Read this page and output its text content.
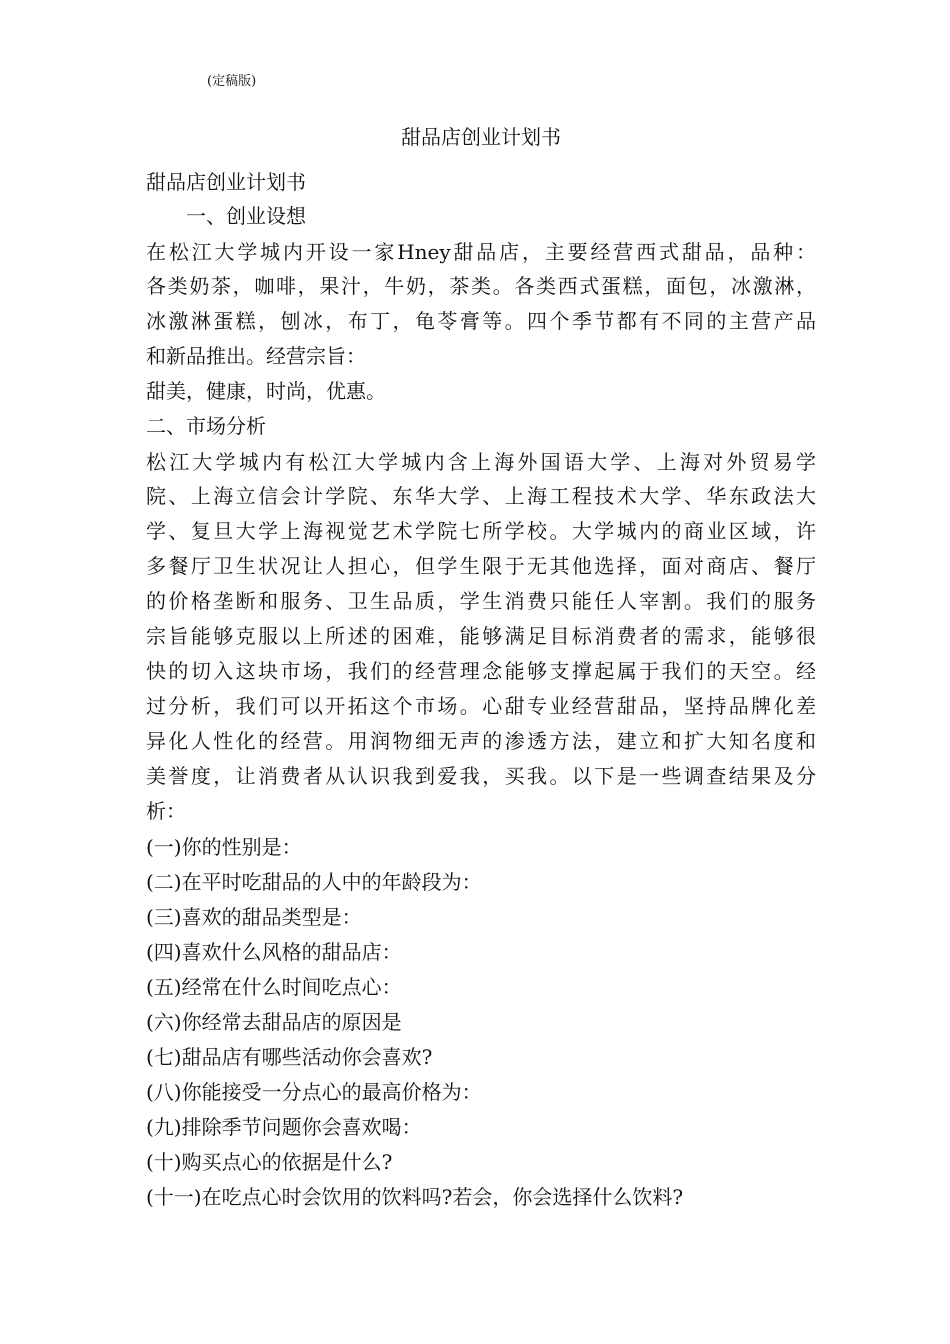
(定稿版)
甜品店创业计划书
甜品店创业计划书
　　一、创业设想
在松江大学城内开设一家Hney甜品店，主要经营西式甜品，品种：
各类奶茶，咖啡，果汁，牛奶，茶类。各类西式蛋糕，面包，冰激淋，
冰激淋蛋糕，刨冰，布丁，龟苓膏等。四个季节都有不同的主营产品
和新品推出。经营宗旨：
甜美，健康，时尚，优惠。
二、市场分析
松江大学城内有松江大学城内含上海外国语大学、上海对外贸易学
院、上海立信会计学院、东华大学、上海工程技术大学、华东政法大
学、复旦大学上海视觉艺术学院七所学校。大学城内的商业区域，许
多餐厅卫生状况让人担心，但学生限于无其他选择，面对商店、餐厅
的价格垄断和服务、卫生品质，学生消费只能任人宰割。我们的服务
宗旨能够克服以上所述的困难，能够满足目标消费者的需求，能够很
快的切入这块市场，我们的经营理念能够支撑起属于我们的天空。经
过分析，我们可以开拓这个市场。心甜专业经营甜品，坚持品牌化差
异化人性化的经营。用润物细无声的渗透方法，建立和扩大知名度和
美誉度，让消费者从认识我到爱我，买我。以下是一些调查结果及分
析：
(一)你的性别是：
(二)在平时吃甜品的人中的年龄段为：
(三)喜欢的甜品类型是：
(四)喜欢什么风格的甜品店：
(五)经常在什么时间吃点心：
(六)你经常去甜品店的原因是
(七)甜品店有哪些活动你会喜欢?
(八)你能接受一分点心的最高价格为：
(九)排除季节问题你会喜欢喝：
(十)购买点心的依据是什么?
(十一)在吃点心时会饮用的饮料吗?若会，你会选择什么饮料?
